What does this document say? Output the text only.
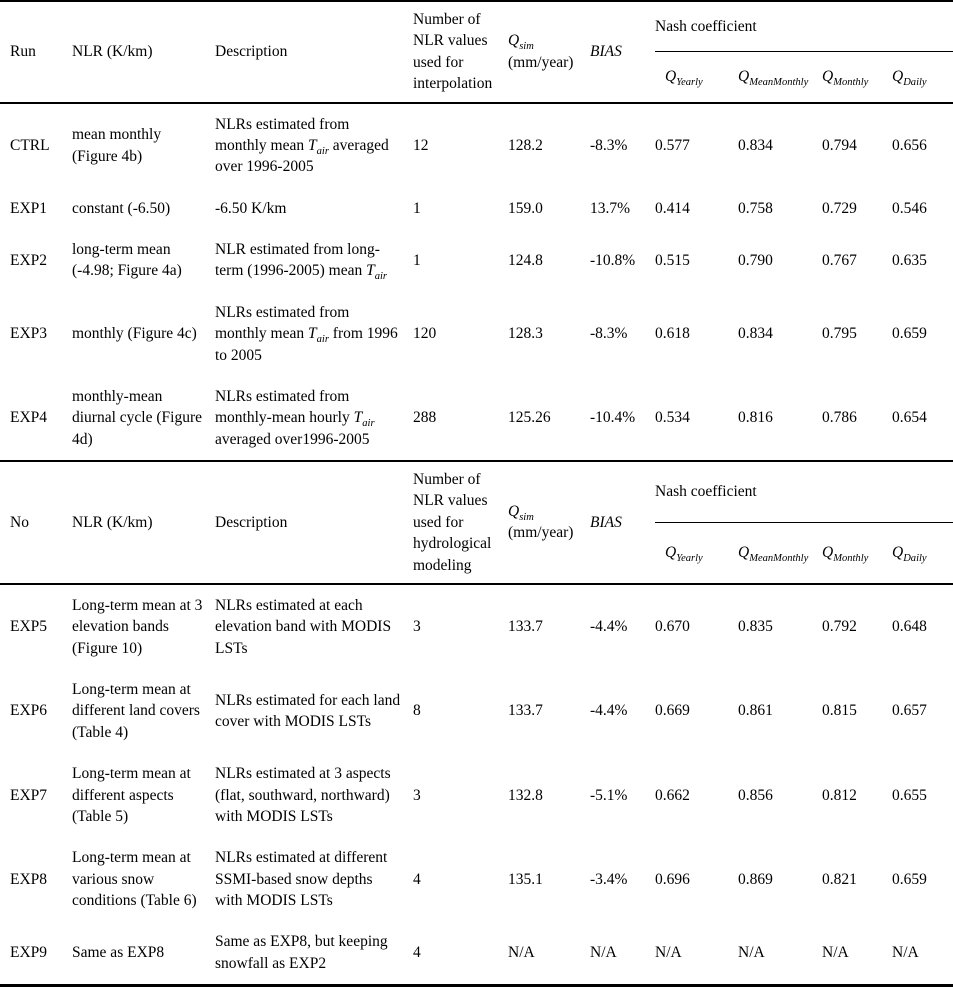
Run	NLR (K/km)	Description	Number of NLR values used for interpolation	$Q_{sim}$ (mm/year)	BIAS	Nash coefficient			
						$Q_{Yearly}$	$Q_{MeanMonthly}$	$Q_{Monthly}$	$Q_{Daily}$
CTRL	mean monthly (Figure 4b)	NLRs estimated from monthly mean $T_{air}$ averaged over 1996-2005	12	128.2	-8.3%	0.577	0.834	0.794	0.656
EXP1	constant (-6.50)	-6.50 K/km	1	159.0	13.7%	0.414	0.758	0.729	0.546
EXP2	long-term mean (-4.98; Figure 4a)	NLR estimated from long-term (1996-2005) mean $T_{air}$	1	124.8	-10.8%	0.515	0.790	0.767	0.635
EXP3	monthly (Figure 4c)	NLRs estimated from monthly mean $T_{air}$ from 1996 to 2005	120	128.3	-8.3%	0.618	0.834	0.795	0.659
EXP4	monthly-mean diurnal cycle (Figure 4d)	NLRs estimated from monthly-mean hourly $T_{air}$ averaged over1996-2005	288	125.26	-10.4%	0.534	0.816	0.786	0.654
No	NLR (K/km)	Description	Number of NLR values used for hydrological modeling	$Q_{sim}$ (mm/year)	BIAS	Nash coefficient			
						$Q_{Yearly}$	$Q_{MeanMonthly}$	$Q_{Monthly}$	$Q_{Daily}$
EXP5	Long-term mean at 3 elevation bands (Figure 10)	NLRs estimated at each elevation band with MODIS LSTs	3	133.7	-4.4%	0.670	0.835	0.792	0.648
EXP6	Long-term mean at different land covers (Table 4)	NLRs estimated for each land cover with MODIS LSTs	8	133.7	-4.4%	0.669	0.861	0.815	0.657
EXP7	Long-term mean at different aspects (Table 5)	NLRs estimated at 3 aspects (flat, southward, northward) with MODIS LSTs	3	132.8	-5.1%	0.662	0.856	0.812	0.655
EXP8	Long-term mean at various snow conditions (Table 6)	NLRs estimated at different SSMI-based snow depths with MODIS LSTs	4	135.1	-3.4%	0.696	0.869	0.821	0.659
EXP9	Same as EXP8	Same as EXP8, but keeping snowfall as EXP2	4	N/A	N/A	N/A	N/A	N/A	N/A
